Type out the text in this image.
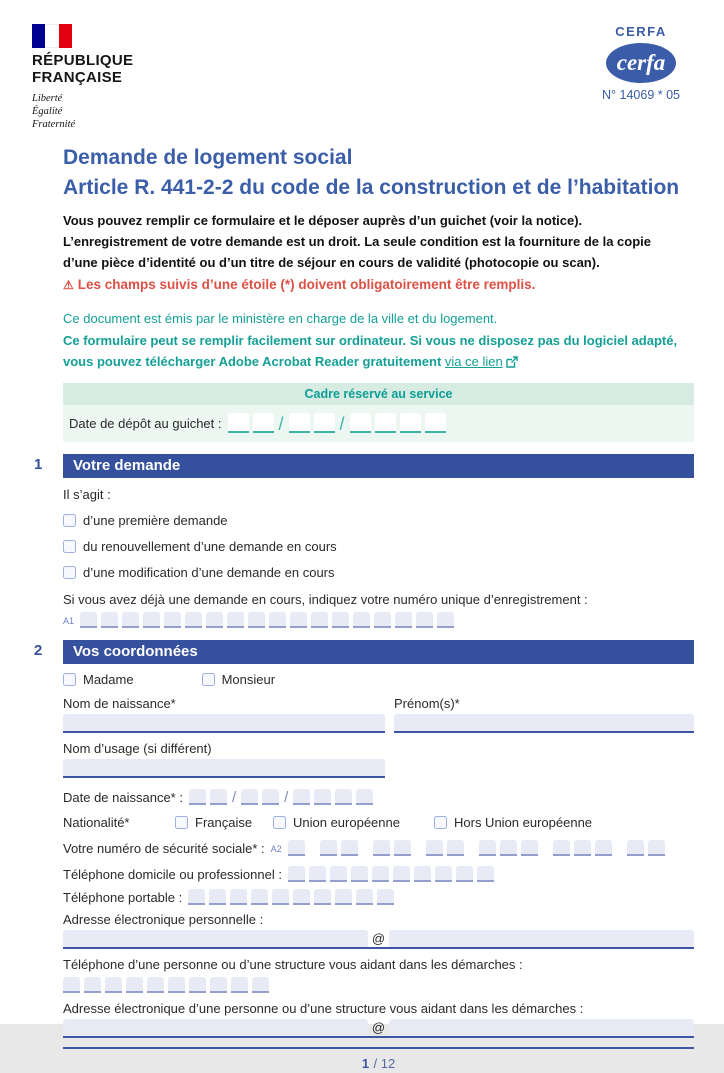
RÉPUBLIQUE
FRANÇAISE
Liberté
Égalité
Fraternité
CERFA
cerfa
N° 14069 * 05
Demande de logement social
Article R. 441-2-2 du code de la construction et de l’habitation
Vous pouvez remplir ce formulaire et le déposer auprès d’un guichet (voir la notice).
L’enregistrement de votre demande est un droit. La seule condition est la fourniture de la copie d’une pièce d’identité ou d’un titre de séjour en cours de validité (photocopie ou scan).
⚠ Les champs suivis d’une étoile (*) doivent obligatoirement être remplis.
Ce document est émis par le ministère en charge de la ville et du logement.
Ce formulaire peut se remplir facilement sur ordinateur. Si vous ne disposez pas du logiciel adapté, vous pouvez télécharger Adobe Acrobat Reader gratuitement via ce lien
Cadre réservé au service
Date de dépôt au guichet :	/	/
1	Votre demande
Il s’agit :
d’une première demande
du renouvellement d’une demande en cours
d’une modification d’une demande en cours
Si vous avez déjà une demande en cours, indiquez votre numéro unique d’enregistrement :
A1
2	Vos coordonnées
Madame	Monsieur
Nom de naissance*	Prénom(s)*
Nom d’usage (si différent)
Date de naissance* :	/	/
Nationalité*	Française	Union européenne	Hors Union européenne
Votre numéro de sécurité sociale* : A2
Téléphone domicile ou professionnel :
Téléphone portable :
Adresse électronique personnelle :
@
Téléphone d’une personne ou d’une structure vous aidant dans les démarches :
Adresse électronique d’une personne ou d’une structure vous aidant dans les démarches :
@
1 / 12
